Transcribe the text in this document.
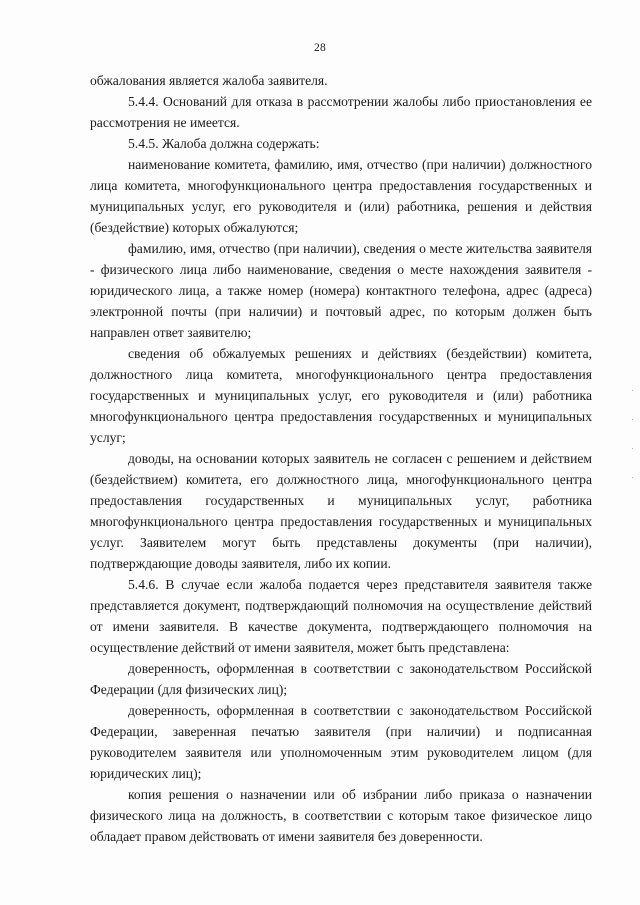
28

обжалования является жалоба заявителя.

5.4.4. Оснований для отказа в рассмотрении жалобы либо приостановления ее рассмотрения не имеется.

5.4.5. Жалоба должна содержать:

наименование комитета, фамилию, имя, отчество (при наличии) должностного лица комитета, многофункционального центра предоставления государственных и муниципальных услуг, его руководителя и (или) работника, решения и действия (бездействие) которых обжалуются;

фамилию, имя, отчество (при наличии), сведения о месте жительства заявителя - физического лица либо наименование, сведения о месте нахождения заявителя - юридического лица, а также номер (номера) контактного телефона, адрес (адреса) электронной почты (при наличии) и почтовый адрес, по которым должен быть направлен ответ заявителю;

сведения об обжалуемых решениях и действиях (бездействии) комитета, должностного лица комитета, многофункционального центра предоставления государственных и муниципальных услуг, его руководителя и (или) работника многофункционального центра предоставления государственных и муниципальных услуг;

доводы, на основании которых заявитель не согласен с решением и действием (бездействием) комитета, его должностного лица, многофункционального центра предоставления государственных и муниципальных услуг, работника многофункционального центра предоставления государственных и муниципальных услуг. Заявителем могут быть представлены документы (при наличии), подтверждающие доводы заявителя, либо их копии.

5.4.6. В случае если жалоба подается через представителя заявителя также представляется документ, подтверждающий полномочия на осуществление действий от имени заявителя. В качестве документа, подтверждающего полномочия на осуществление действий от имени заявителя, может быть представлена:

доверенность, оформленная в соответствии с законодательством Российской Федерации (для физических лиц);

доверенность, оформленная в соответствии с законодательством Российской Федерации, заверенная печатью заявителя (при наличии) и подписанная руководителем заявителя или уполномоченным этим руководителем лицом (для юридических лиц);

копия решения о назначении или об избрании либо приказа о назначении физического лица на должность, в соответствии с которым такое физическое лицо обладает правом действовать от имени заявителя без доверенности.
